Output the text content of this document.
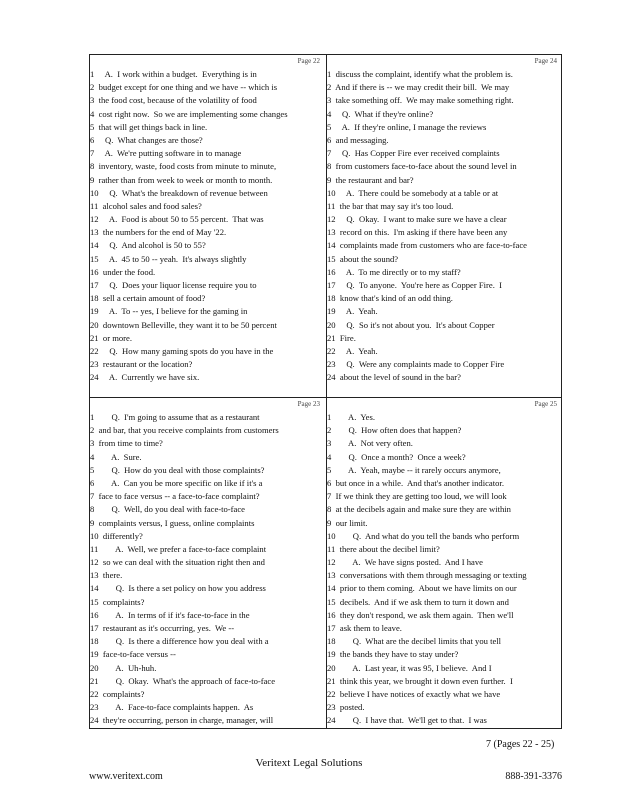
Page 22
1     A.  I work within a budget.  Everything is in
2  budget except for one thing and we have -- which is
3  the food cost, because of the volatility of food
4  cost right now.  So we are implementing some changes
5  that will get things back in line.
6     Q.  What changes are those?
7     A.  We're putting software in to manage
8  inventory, waste, food costs from minute to minute,
9  rather than from week to week or month to month.
10     Q.  What's the breakdown of revenue between
11  alcohol sales and food sales?
12     A.  Food is about 50 to 55 percent.  That was
13  the numbers for the end of May '22.
14     Q.  And alcohol is 50 to 55?
15     A.  45 to 50 -- yeah.  It's always slightly
16  under the food.
17     Q.  Does your liquor license require you to
18  sell a certain amount of food?
19     A.  To -- yes, I believe for the gaming in
20  downtown Belleville, they want it to be 50 percent
21  or more.
22     Q.  How many gaming spots do you have in the
23  restaurant or the location?
24     A.  Currently we have six.
Page 24
1  discuss the complaint, identify what the problem is.
2  And if there is -- we may credit their bill.  We may
3  take something off.  We may make something right.
4     Q.  What if they're online?
5     A.  If they're online, I manage the reviews
6  and messaging.
7     Q.  Has Copper Fire ever received complaints
8  from customers face-to-face about the sound level in
9  the restaurant and bar?
10     A.  There could be somebody at a table or at
11  the bar that may say it's too loud.
12     Q.  Okay.  I want to make sure we have a clear
13  record on this.  I'm asking if there have been any
14  complaints made from customers who are face-to-face
15  about the sound?
16     A.  To me directly or to my staff?
17     Q.  To anyone.  You're here as Copper Fire.  I
18  know that's kind of an odd thing.
19     A.  Yeah.
20     Q.  So it's not about you.  It's about Copper
21  Fire.
22     A.  Yeah.
23     Q.  Were any complaints made to Copper Fire
24  about the level of sound in the bar?
Page 23
1        Q.  I'm going to assume that as a restaurant
2  and bar, that you receive complaints from customers
3  from time to time?
4        A.  Sure.
5        Q.  How do you deal with those complaints?
6        A.  Can you be more specific on like if it's a
7  face to face versus -- a face-to-face complaint?
8        Q.  Well, do you deal with face-to-face
9  complaints versus, I guess, online complaints
10  differently?
11        A.  Well, we prefer a face-to-face complaint
12  so we can deal with the situation right then and
13  there.
14        Q.  Is there a set policy on how you address
15  complaints?
16        A.  In terms of if it's face-to-face in the
17  restaurant as it's occurring, yes.  We --
18        Q.  Is there a difference how you deal with a
19  face-to-face versus --
20        A.  Uh-huh.
21        Q.  Okay.  What's the approach of face-to-face
22  complaints?
23        A.  Face-to-face complaints happen.  As
24  they're occurring, person in charge, manager, will
Page 25
1        A.  Yes.
2        Q.  How often does that happen?
3        A.  Not very often.
4        Q.  Once a month?  Once a week?
5        A.  Yeah, maybe -- it rarely occurs anymore,
6  but once in a while.  And that's another indicator.
7  If we think they are getting too loud, we will look
8  at the decibels again and make sure they are within
9  our limit.
10        Q.  And what do you tell the bands who perform
11  there about the decibel limit?
12        A.  We have signs posted.  And I have
13  conversations with them through messaging or texting
14  prior to them coming.  About we have limits on our
15  decibels.  And if we ask them to turn it down and
16  they don't respond, we ask them again.  Then we'll
17  ask them to leave.
18        Q.  What are the decibel limits that you tell
19  the bands they have to stay under?
20        A.  Last year, it was 95, I believe.  And I
21  think this year, we brought it down even further.  I
22  believe I have notices of exactly what we have
23  posted.
24        Q.  I have that.  We'll get to that.  I was
7 (Pages 22 - 25)
Veritext Legal Solutions
www.veritext.com	888-391-3376
